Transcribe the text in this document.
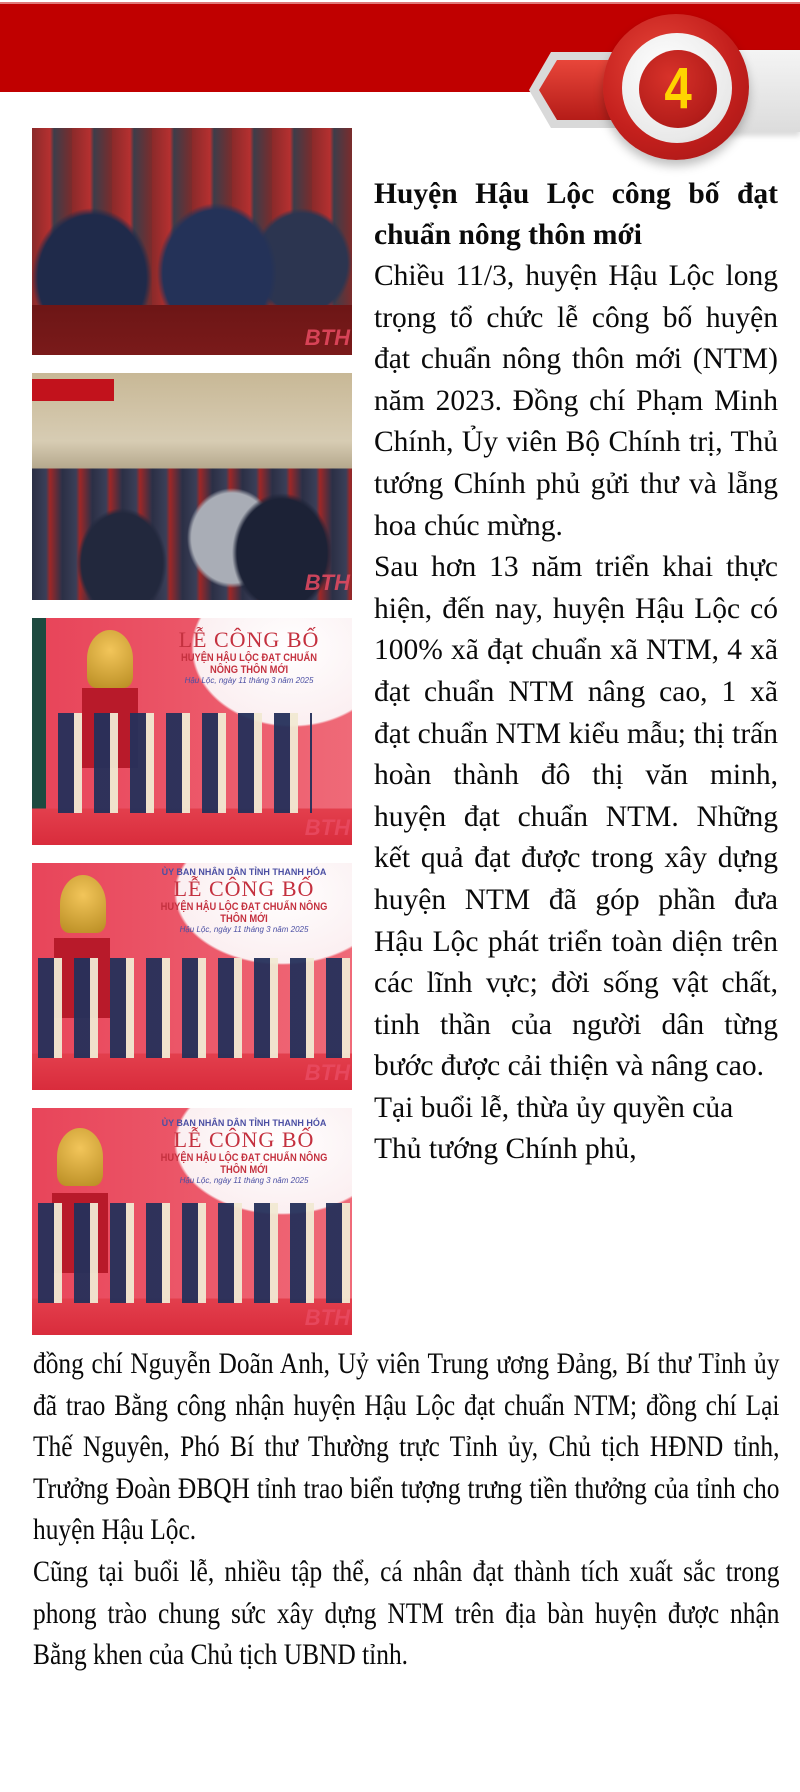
4
BTH
BTH
LỄ CÔNG BỐ
HUYỆN HẬU LỘC ĐẠT CHUẨN NÔNG THÔN MỚI
Hậu Lộc, ngày 11 tháng 3 năm 2025
BTH
ỦY BAN NHÂN DÂN TỈNH THANH HÓA
LỄ CÔNG BỐ
HUYỆN HẬU LỘC ĐẠT CHUẨN NÔNG THÔN MỚI
Hậu Lộc, ngày 11 tháng 3 năm 2025
BTH
ỦY BAN NHÂN DÂN TỈNH THANH HÓA
LỄ CÔNG BỐ
HUYỆN HẬU LỘC ĐẠT CHUẨN NÔNG THÔN MỚI
Hậu Lộc, ngày 11 tháng 3 năm 2025
BTH
Huyện Hậu Lộc công bố đạt chuẩn nông thôn mới

Chiều 11/3, huyện Hậu Lộc long trọng tổ chức lễ công bố huyện đạt chuẩn nông thôn mới (NTM) năm 2023. Đồng chí Phạm Minh Chính, Ủy viên Bộ Chính trị, Thủ tướng Chính phủ gửi thư và lẵng hoa chúc mừng.

Sau hơn 13 năm triển khai thực hiện, đến nay, huyện Hậu Lộc có 100% xã đạt chuẩn xã NTM, 4 xã đạt chuẩn NTM nâng cao, 1 xã đạt chuẩn NTM kiểu mẫu; thị trấn hoàn thành đô thị văn minh, huyện đạt chuẩn NTM. Những kết quả đạt được trong xây dựng huyện NTM đã góp phần đưa Hậu Lộc phát triển toàn diện trên các lĩnh vực; đời sống vật chất, tinh thần của người dân từng bước được cải thiện và nâng cao.

Tại buổi lễ, thừa ủy quyền của Thủ tướng Chính phủ,

đồng chí Nguyễn Doãn Anh, Uỷ viên Trung ương Đảng, Bí thư Tỉnh ủy đã trao Bằng công nhận huyện Hậu Lộc đạt chuẩn NTM; đồng chí Lại Thế Nguyên, Phó Bí thư Thường trực Tỉnh ủy, Chủ tịch HĐND tỉnh, Trưởng Đoàn ĐBQH tỉnh trao biển tượng trưng tiền thưởng của tỉnh cho huyện Hậu Lộc.

Cũng tại buổi lễ, nhiều tập thể, cá nhân đạt thành tích xuất sắc trong phong trào chung sức xây dựng NTM trên địa bàn huyện được nhận Bằng khen của Chủ tịch UBND tỉnh.
